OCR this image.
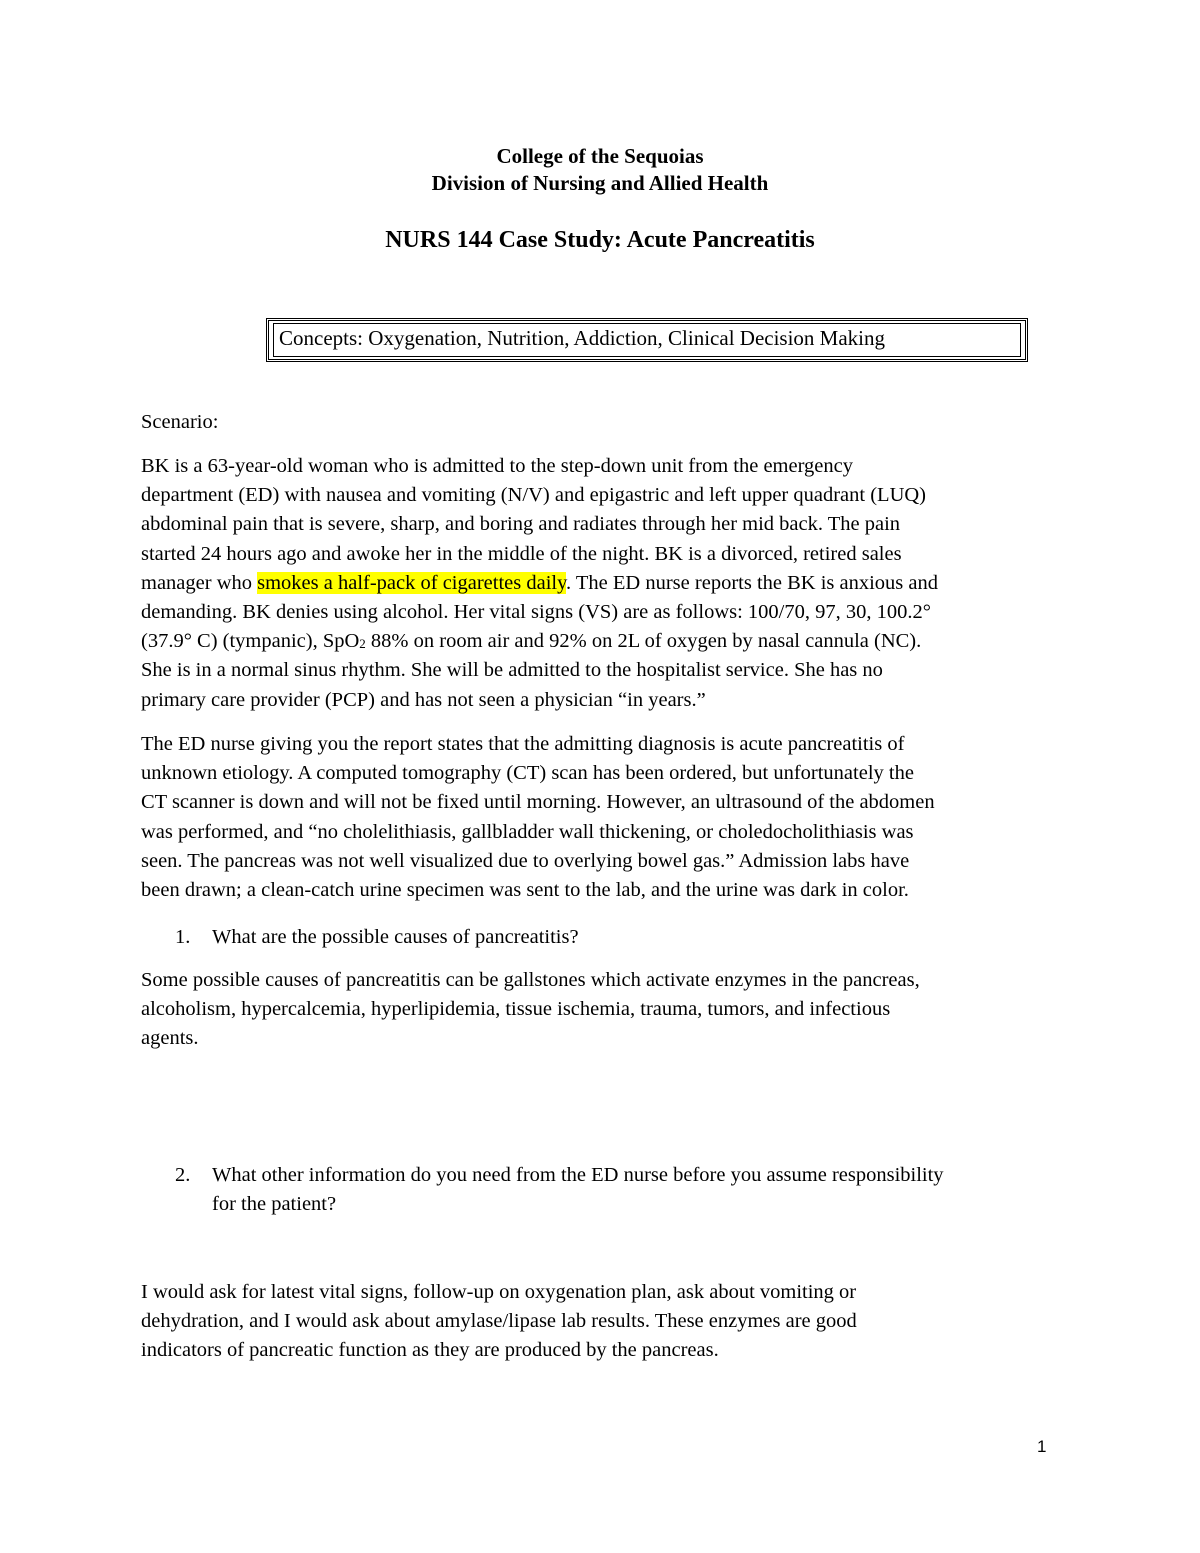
College of the Sequoias
Division of Nursing and Allied Health
NURS 144 Case Study: Acute Pancreatitis
Concepts: Oxygenation, Nutrition, Addiction, Clinical Decision Making
Scenario:
BK is a 63-year-old woman who is admitted to the step-down unit from the emergency
department (ED) with nausea and vomiting (N/V) and epigastric and left upper quadrant (LUQ)
abdominal pain that is severe, sharp, and boring and radiates through her mid back. The pain
started 24 hours ago and awoke her in the middle of the night. BK is a divorced, retired sales
manager who smokes a half-pack of cigarettes daily. The ED nurse reports the BK is anxious and
demanding. BK denies using alcohol. Her vital signs (VS) are as follows: 100/70, 97, 30, 100.2°
(37.9° C) (tympanic), SpO$_2$ 88% on room air and 92% on 2L of oxygen by nasal cannula (NC).
She is in a normal sinus rhythm. She will be admitted to the hospitalist service. She has no
primary care provider (PCP) and has not seen a physician “in years.”
The ED nurse giving you the report states that the admitting diagnosis is acute pancreatitis of
unknown etiology. A computed tomography (CT) scan has been ordered, but unfortunately the
CT scanner is down and will not be fixed until morning. However, an ultrasound of the abdomen
was performed, and “no cholelithiasis, gallbladder wall thickening, or choledocholithiasis was
seen. The pancreas was not well visualized due to overlying bowel gas.” Admission labs have
been drawn; a clean-catch urine specimen was sent to the lab, and the urine was dark in color.
1.	What are the possible causes of pancreatitis?
Some possible causes of pancreatitis can be gallstones which activate enzymes in the pancreas,
alcoholism, hypercalcemia, hyperlipidemia, tissue ischemia, trauma, tumors, and infectious
agents.
2.	What other information do you need from the ED nurse before you assume responsibility
for the patient?
I would ask for latest vital signs, follow-up on oxygenation plan, ask about vomiting or
dehydration, and I would ask about amylase/lipase lab results. These enzymes are good
indicators of pancreatic function as they are produced by the pancreas.
1
